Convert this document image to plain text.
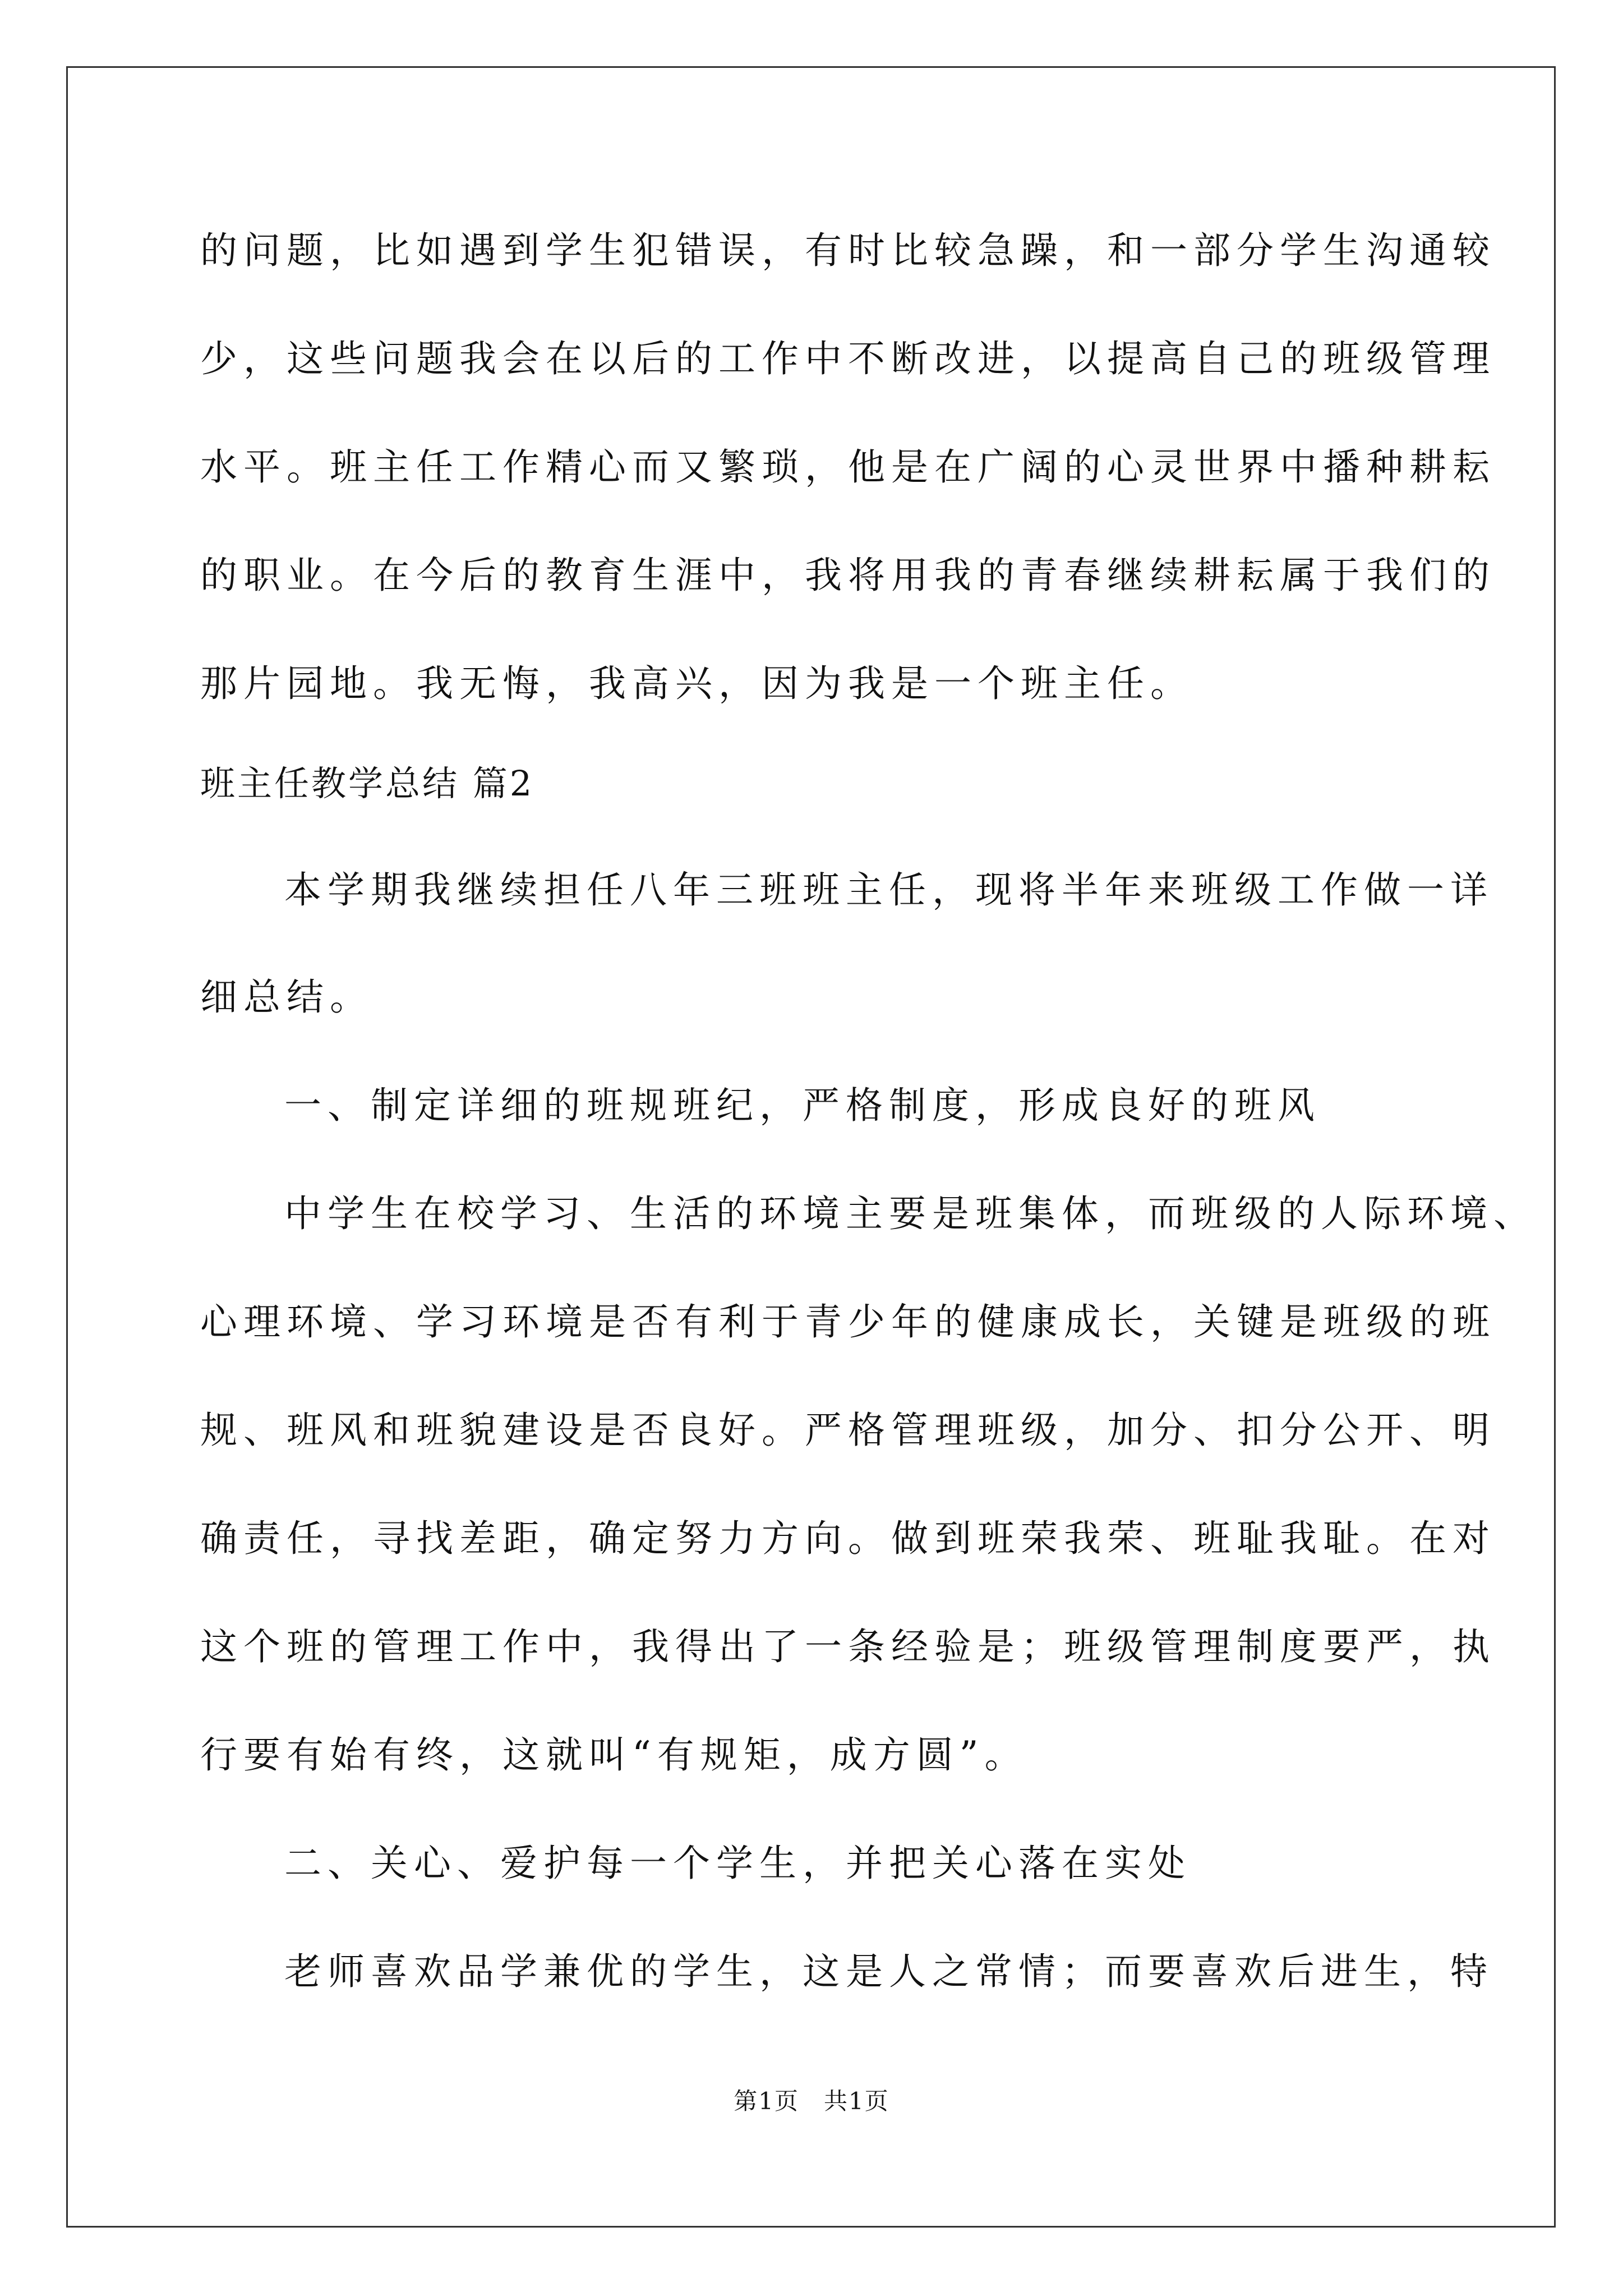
的问题，比如遇到学生犯错误，有时比较急躁，和一部分学生沟通较
少，这些问题我会在以后的工作中不断改进，以提高自己的班级管理
水平。班主任工作精心而又繁琐，他是在广阔的心灵世界中播种耕耘
的职业。在今后的教育生涯中，我将用我的青春继续耕耘属于我们的
那片园地。我无悔，我高兴，因为我是一个班主任。
班主任教学总结 篇2
本学期我继续担任八年三班班主任，现将半年来班级工作做一详
细总结。
一、制定详细的班规班纪，严格制度，形成良好的班风
中学生在校学习、生活的环境主要是班集体，而班级的人际环境、
心理环境、学习环境是否有利于青少年的健康成长，关键是班级的班
规、班风和班貌建设是否良好。严格管理班级，加分、扣分公开、明
确责任，寻找差距，确定努力方向。做到班荣我荣、班耻我耻。在对
这个班的管理工作中，我得出了一条经验是；班级管理制度要严，执
行要有始有终，这就叫“有规矩，成方圆”。
二、关心、爱护每一个学生，并把关心落在实处
老师喜欢品学兼优的学生，这是人之常情；而要喜欢后进生，特
第1页　共1页
